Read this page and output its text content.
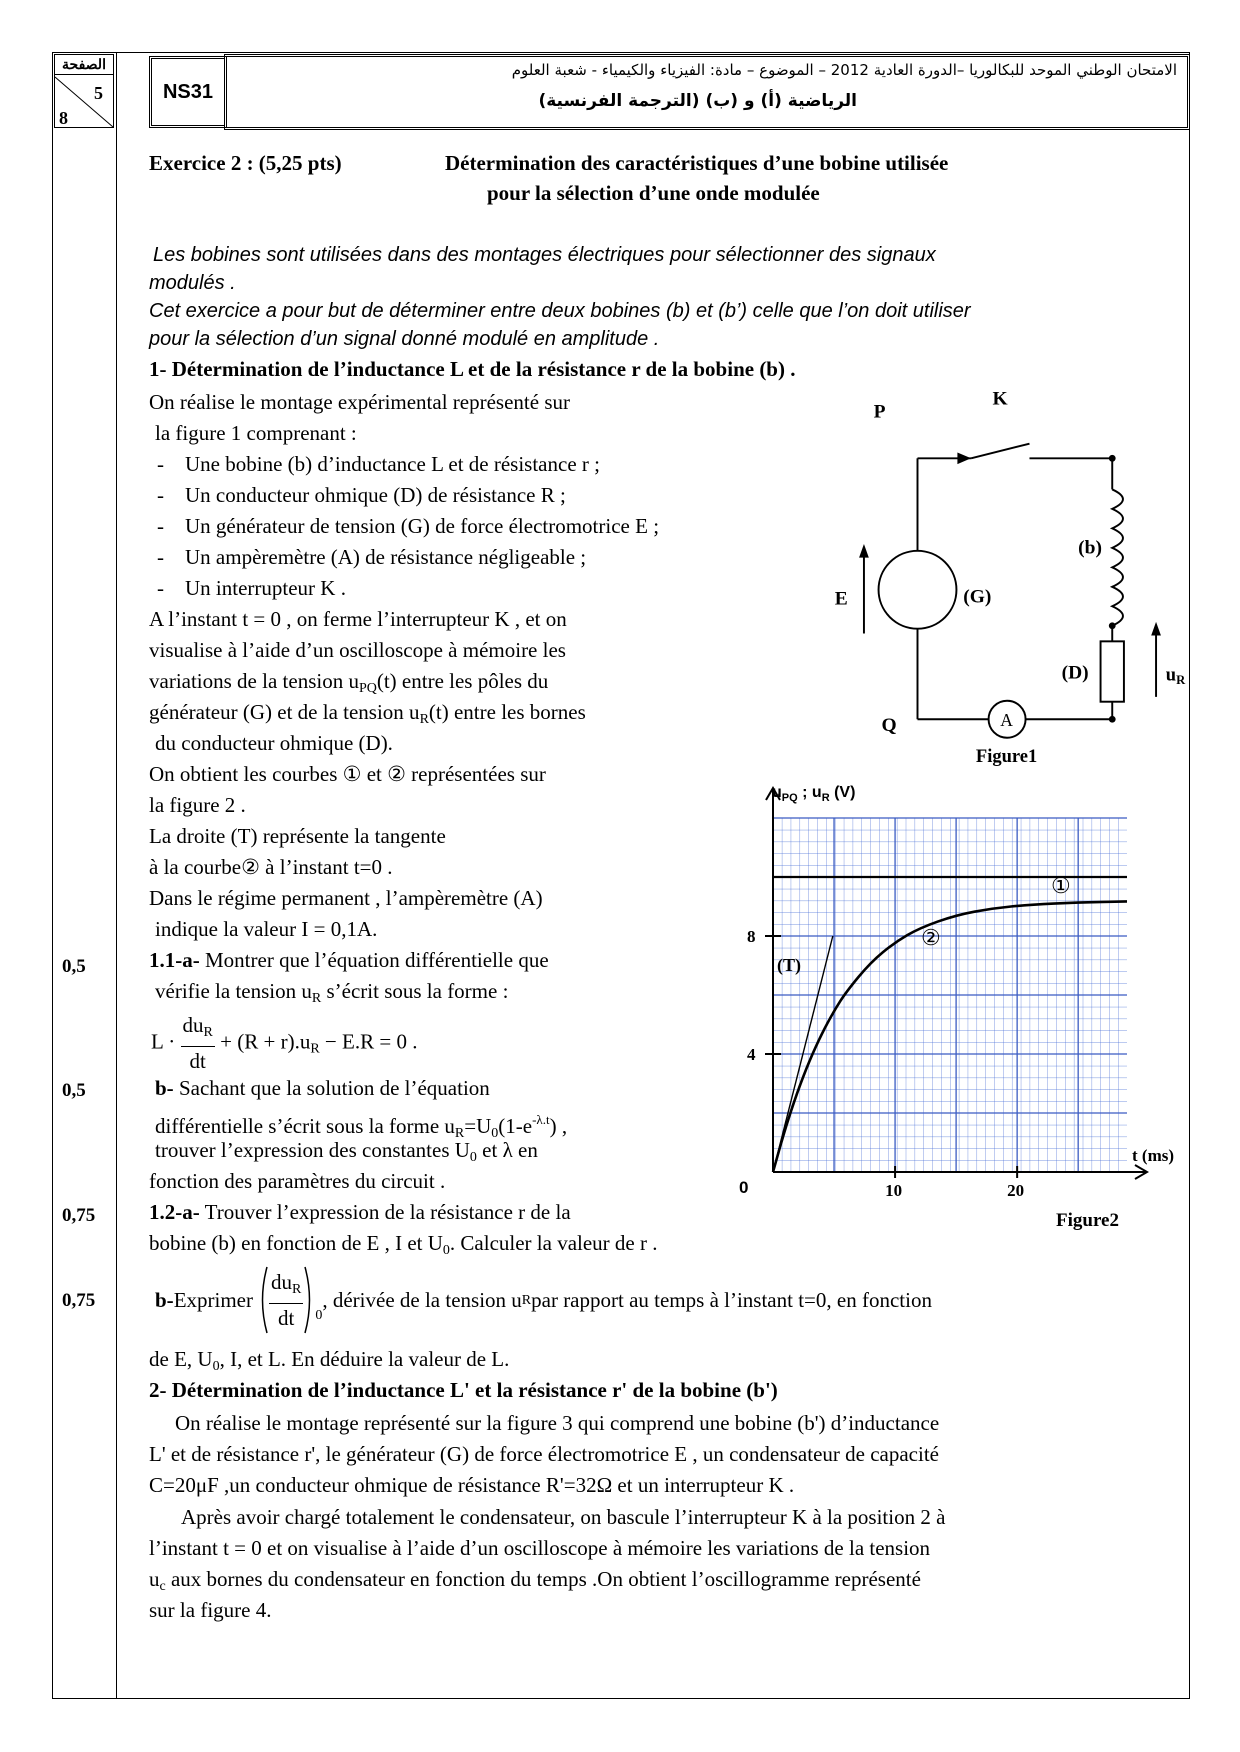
الصفحة
5
8
NS31
الامتحان الوطني الموحد للبكالوريا –الدورة العادية 2012 – الموضوع – مادة: الفيزياء والكيمياء - شعبة العلوم
الرياضية (أ) و (ب) (الترجمة الفرنسية)
Exercice 2 : (5,25 pts)	Détermination des caractéristiques d’une bobine utilisée
pour la sélection d’une onde modulée
Les bobines sont utilisées dans des montages électriques pour sélectionner des signaux
modulés .
Cet exercice a pour but de déterminer entre deux bobines (b) et (b’) celle que l’on doit utiliser
pour la sélection d’un signal donné modulé en amplitude .
1- Détermination de l’inductance L et de la résistance r de la bobine (b) .
On réalise le montage expérimental représenté sur
la figure 1 comprenant :
-    Une bobine (b) d’inductance L et de résistance r ;
-    Un conducteur ohmique (D) de résistance R ;
-    Un générateur de tension (G) de force électromotrice E ;
-    Un ampèremètre (A) de résistance négligeable ;
-    Un interrupteur K .
A l’instant t = 0 , on ferme l’interrupteur K , et on
visualise à l’aide d’un oscilloscope à mémoire les
variations de la tension $u_{PQ}(t)$ entre les pôles du
générateur (G) et de la tension $u_R(t)$ entre les bornes
du conducteur ohmique (D).
On obtient les courbes ① et ② représentées sur
la figure 2 .
La droite (T) représente la tangente
à la courbe② à l’instant t=0 .
Dans le régime permanent , l’ampèremètre (A)
indique la valeur I = 0,1A.
0,5
0,5
0,75
0,75
1.1-a- Montrer que l’équation différentielle que
vérifie la tension $u_R$ s’écrit sous la forme :
$L \cdot \frac{du_R}{dt} + (R + r).u_R - E.R = 0$ .
b- Sachant que la solution de l’équation
différentielle s’écrit sous la forme $u_R=U_0(1-e^{-\lambda.t})$ ,
trouver l’expression des constantes $U_0$ et λ en
fonction des paramètres du circuit .
1.2-a- Trouver l’expression de la résistance r de la
bobine (b) en fonction de E , I et $U_0$. Calculer la valeur de r .
b- Exprimer $\frac{du_R}{dt} 0$
, dérivée de la tension u R par rapport au temps à l’instant t=0, en fonction
de E, $U_0$, I, et L. En déduire la valeur de L.
2- Détermination de l’inductance L' et la résistance r' de la bobine (b')
On réalise le montage représenté sur la figure 3 qui comprend une bobine (b') d’inductance
L' et de résistance r', le générateur (G) de force électromotrice E , un condensateur de capacité
C=20μF ,un conducteur ohmique de résistance R'=32Ω et un interrupteur K .
Après avoir chargé totalement le condensateur, on bascule l’interrupteur K à la position 2 à
l’instant t = 0 et on visualise à l’aide d’un oscilloscope à mémoire les variations de la tension
$u_c$ aux bornes du condensateur en fonction du temps .On obtient l’oscillogramme représenté
sur la figure 4.
P
K
(b)
(D)
(G)
E
A
Q
$u_R$
Figure1
10	20
4
8
$u_{PQ}$ ; $u_R$ (V)
t (ms)
Figure2
0
①
②
(T)
